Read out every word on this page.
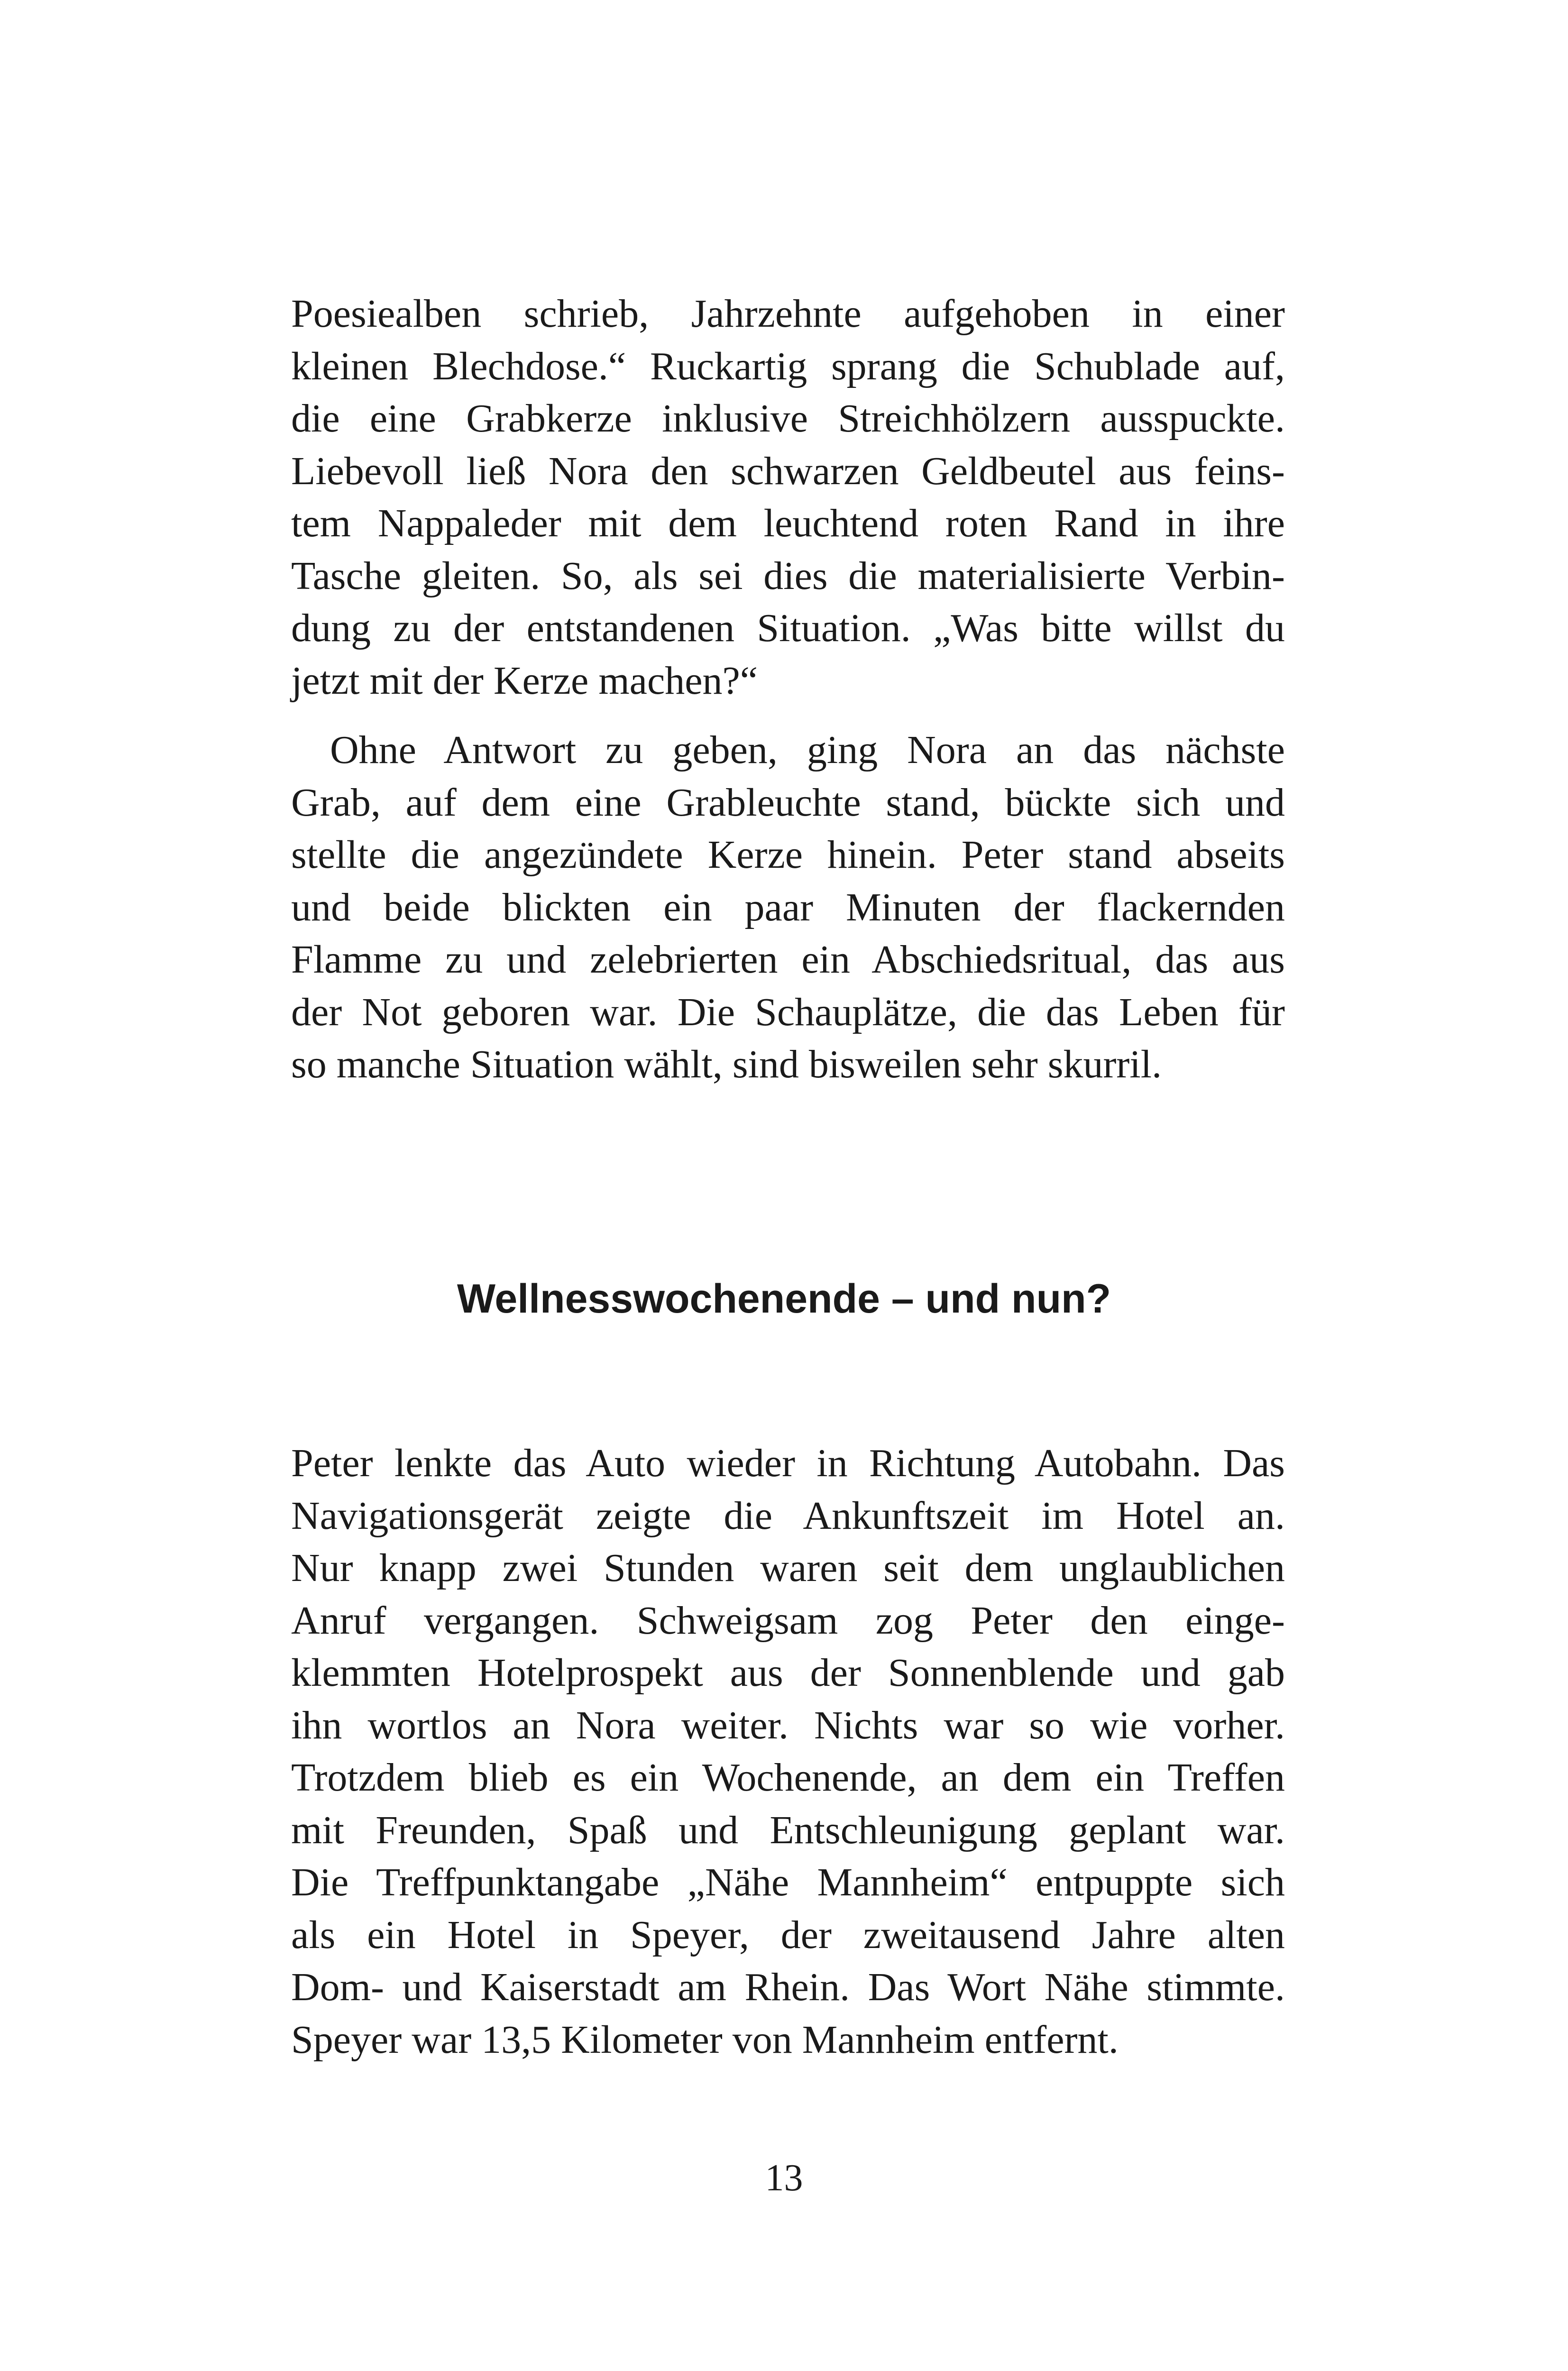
Poesiealben schrieb, Jahrzehnte aufgehoben in einer
kleinen Blechdose.“ Ruckartig sprang die Schublade auf,
die eine Grabkerze inklusive Streichhölzern ausspuckte.
Liebevoll ließ Nora den schwarzen Geldbeutel aus feins-
tem Nappaleder mit dem leuchtend roten Rand in ihre
Tasche gleiten. So, als sei dies die materialisierte Verbin-
dung zu der entstandenen Situation. „Was bitte willst du
jetzt mit der Kerze machen?“
Ohne Antwort zu geben, ging Nora an das nächste
Grab, auf dem eine Grableuchte stand, bückte sich und
stellte die angezündete Kerze hinein. Peter stand abseits
und beide blickten ein paar Minuten der flackernden
Flamme zu und zelebrierten ein Abschiedsritual, das aus
der Not geboren war. Die Schauplätze, die das Leben für
so manche Situation wählt, sind bisweilen sehr skurril.
Wellnesswochenende – und nun?
Peter lenkte das Auto wieder in Richtung Autobahn. Das
Navigationsgerät zeigte die Ankunftszeit im Hotel an.
Nur knapp zwei Stunden waren seit dem unglaublichen
Anruf vergangen. Schweigsam zog Peter den einge-
klemmten Hotelprospekt aus der Sonnenblende und gab
ihn wortlos an Nora weiter. Nichts war so wie vorher.
Trotzdem blieb es ein Wochenende, an dem ein Treffen
mit Freunden, Spaß und Entschleunigung geplant war.
Die Treffpunktangabe „Nähe Mannheim“ entpuppte sich
als ein Hotel in Speyer, der zweitausend Jahre alten
Dom- und Kaiserstadt am Rhein. Das Wort Nähe stimmte.
Speyer war 13,5 Kilometer von Mannheim entfernt.
13
